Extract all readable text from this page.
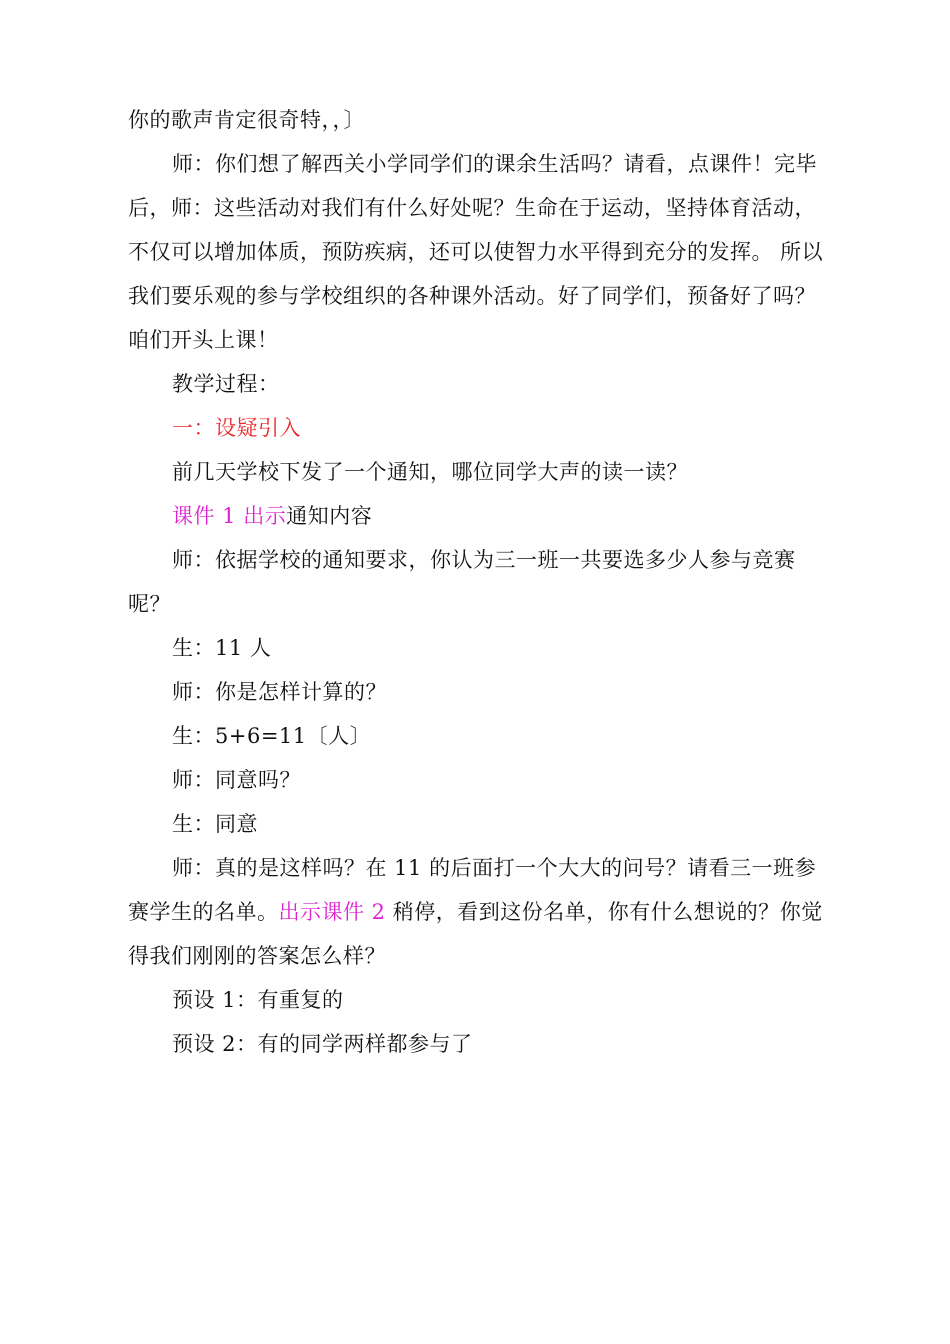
你的歌声肯定很奇特，，〕

师：你们想了解西关小学同学们的课余生活吗？请看，点课件！完毕后，师：这些活动对我们有什么好处呢？生命在于运动，坚持体育活动，不仅可以增加体质，预防疾病，还可以使智力水平得到充分的发挥。 所以我们要乐观的参与学校组织的各种课外活动。好了同学们，预备好了吗？咱们开头上课！

教学过程：

一：设疑引入

前几天学校下发了一个通知，哪位同学大声的读一读？

课件 1 出示通知内容

师：依据学校的通知要求，你认为三一班一共要选多少人参与竞赛呢？

生：11 人

师：你是怎样计算的？

生：5+6=11〔人〕

师：同意吗？

生：同意

师：真的是这样吗？在 11 的后面打一个大大的问号？请看三一班参赛学生的名单。出示课件 2 稍停，看到这份名单，你有什么想说的？你觉得我们刚刚的答案怎么样？

预设 1：有重复的

预设 2：有的同学两样都参与了
